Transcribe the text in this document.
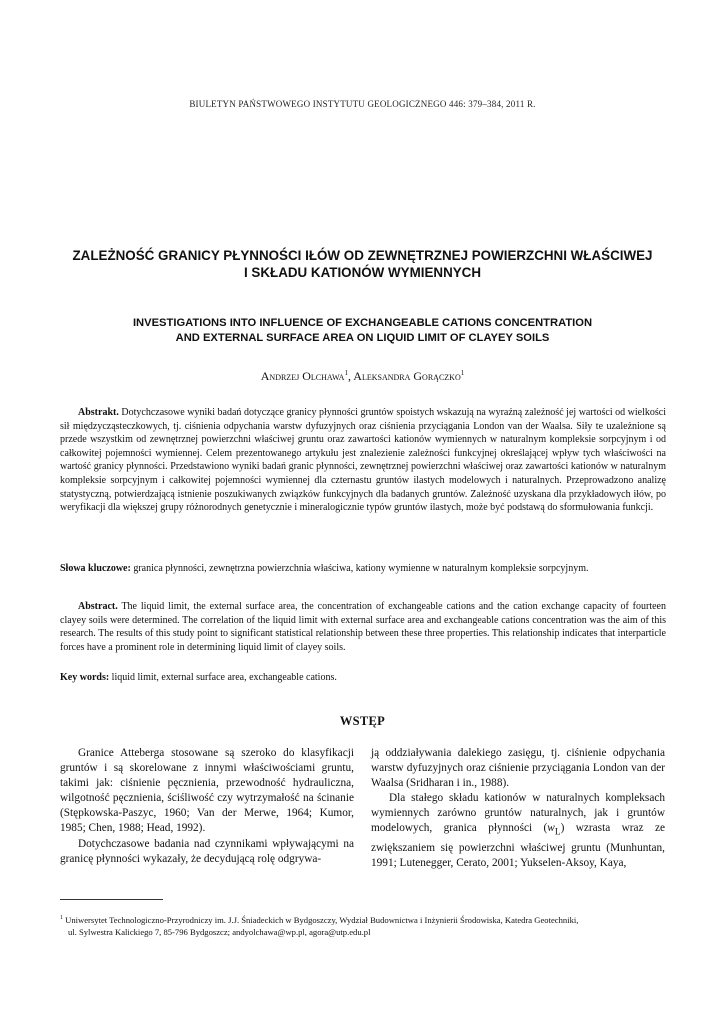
BIULETYN PAŃSTWOWEGO INSTYTUTU GEOLOGICZNEGO 446: 379–384, 2011 R.
ZALEŻNOŚĆ GRANICY PŁYNNOŚCI IŁÓW OD ZEWNĘTRZNEJ POWIERZCHNI WŁAŚCIWEJ
I SKŁADU KATIONÓW WYMIENNYCH
INVESTIGATIONS INTO INFLUENCE OF EXCHANGEABLE CATIONS CONCENTRATION
AND EXTERNAL SURFACE AREA ON LIQUID LIMIT OF CLAYEY SOILS
Andrzej Olchawa$^1$, Aleksandra Gorączko$^1$
Abstrakt. Dotychczasowe wyniki badań dotyczące granicy płynności gruntów spoistych wskazują na wyraźną zależność jej wartości od wielkości sił międzycząsteczkowych, tj. ciśnienia odpychania warstw dyfuzyjnych oraz ciśnienia przyciągania London van der Waalsa. Siły te uzależnione są przede wszystkim od zewnętrznej powierzchni właściwej gruntu oraz zawartości kationów wymiennych w naturalnym kompleksie sorpcyjnym i od całkowitej pojemności wymiennej. Celem prezentowanego artykułu jest znalezienie zależności funkcyjnej określającej wpływ tych właściwości na wartość granicy płynności. Przedstawiono wyniki badań granic płynności, zewnętrznej powierzchni właściwej oraz zawartości kationów w naturalnym kompleksie sorpcyjnym i całkowitej pojemności wymiennej dla czternastu gruntów ilastych modelowych i naturalnych. Przeprowadzono analizę statystyczną, potwierdzającą istnienie poszukiwanych związków funkcyjnych dla badanych gruntów. Zależność uzyskana dla przykładowych iłów, po weryfikacji dla większej grupy różnorodnych genetycznie i mineralogicznie typów gruntów ilastych, może być podstawą do sformułowania funkcji.
Słowa kluczowe: granica płynności, zewnętrzna powierzchnia właściwa, kationy wymienne w naturalnym kompleksie sorpcyjnym.
Abstract. The liquid limit, the external surface area, the concentration of exchangeable cations and the cation exchange capacity of fourteen clayey soils were determined. The correlation of the liquid limit with external surface area and exchangeable cations concentration was the aim of this research. The results of this study point to significant statistical relationship between these three properties. This relationship indicates that interparticle forces have a prominent role in determining liquid limit of clayey soils.
Key words: liquid limit, external surface area, exchangeable cations.
WSTĘP

Granice Atteberga stosowane są szeroko do klasyfikacji gruntów i są skorelowane z innymi właściwościami gruntu, takimi jak: ciśnienie pęcznienia, przewodność hydrauliczna, wilgotność pęcznienia, ściśliwość czy wytrzymałość na ścinanie (Stępkowska-Paszyc, 1960; Van der Merwe, 1964; Kumor, 1985; Chen, 1988; Head, 1992).

Dotychczasowe badania nad czynnikami wpływającymi na granicę płynności wykazały, że decydującą rolę odgrywa-

ją oddziaływania dalekiego zasięgu, tj. ciśnienie odpychania warstw dyfuzyjnych oraz ciśnienie przyciągania London van der Waalsa (Sridharan i in., 1988).

Dla stałego składu kationów w naturalnych kompleksach wymiennych zarówno gruntów naturalnych, jak i gruntów modelowych, granica płynności $(w_L)$ wzrasta wraz ze zwiększaniem się powierzchni właściwej gruntu (Munhuntan, 1991; Lutenegger, Cerato, 2001; Yukselen-Aksoy, Kaya,

$^1$ Uniwersytet Technologiczno-Przyrodniczy im. J.J. Śniadeckich w Bydgoszczy, Wydział Budownictwa i Inżynierii Środowiska, Katedra Geotechniki,
ul. Sylwestra Kalickiego 7, 85-796 Bydgoszcz; andyolchawa@wp.pl, agora@utp.edu.pl
